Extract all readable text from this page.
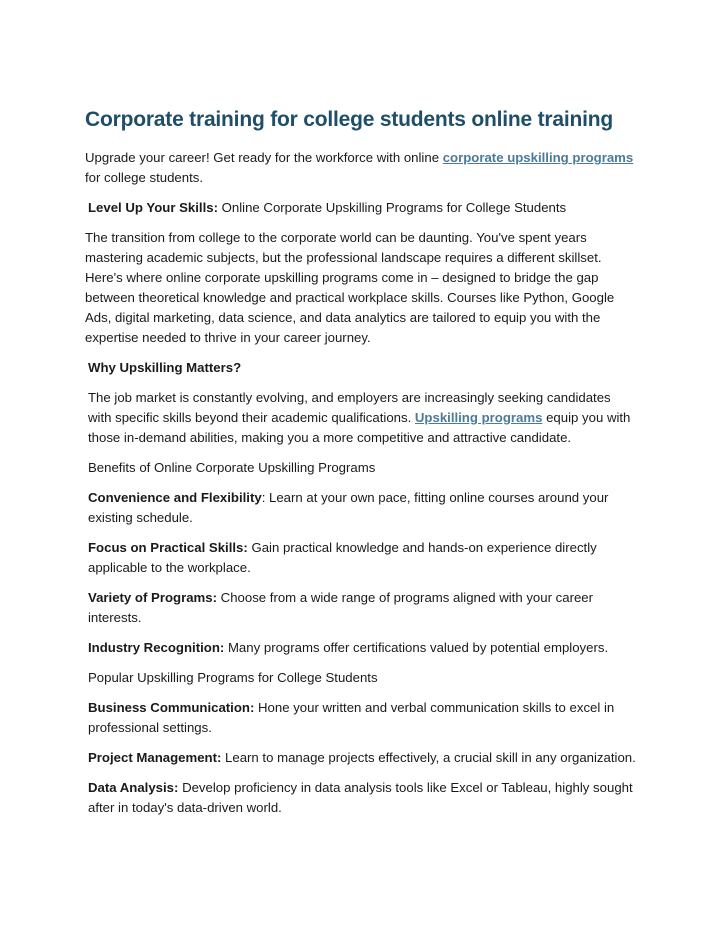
Corporate training for college students online training

Upgrade your career! Get ready for the workforce with online corporate upskilling programs for college students.

Level Up Your Skills: Online Corporate Upskilling Programs for College Students

The transition from college to the corporate world can be daunting. You've spent years mastering academic subjects, but the professional landscape requires a different skillset. Here's where online corporate upskilling programs come in – designed to bridge the gap between theoretical knowledge and practical workplace skills. Courses like Python, Google Ads, digital marketing, data science, and data analytics are tailored to equip you with the expertise needed to thrive in your career journey.

Why Upskilling Matters?

The job market is constantly evolving, and employers are increasingly seeking candidates with specific skills beyond their academic qualifications. Upskilling programs equip you with those in-demand abilities, making you a more competitive and attractive candidate.

Benefits of Online Corporate Upskilling Programs

Convenience and Flexibility: Learn at your own pace, fitting online courses around your existing schedule.

Focus on Practical Skills: Gain practical knowledge and hands-on experience directly applicable to the workplace.

Variety of Programs: Choose from a wide range of programs aligned with your career interests.

Industry Recognition: Many programs offer certifications valued by potential employers.

Popular Upskilling Programs for College Students

Business Communication: Hone your written and verbal communication skills to excel in professional settings.

Project Management: Learn to manage projects effectively, a crucial skill in any organization.

Data Analysis: Develop proficiency in data analysis tools like Excel or Tableau, highly sought after in today's data-driven world.
